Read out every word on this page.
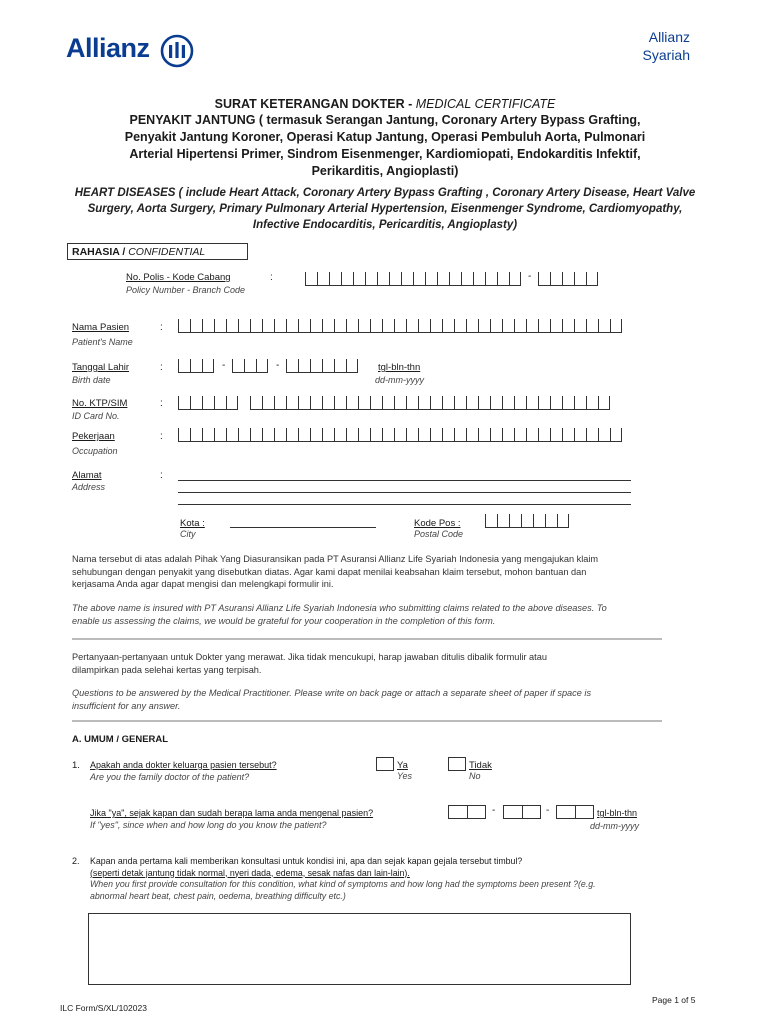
Allianz	Allianz
Syariah
SURAT KETERANGAN DOKTER - MEDICAL CERTIFICATE
PENYAKIT JANTUNG ( termasuk Serangan Jantung, Coronary Artery Bypass Grafting,
Penyakit Jantung Koroner, Operasi Katup Jantung, Operasi Pembuluh Aorta, Pulmonari
Arterial Hipertensi Primer, Sindrom Eisenmenger, Kardiomiopati, Endokarditis Infektif,
Perikarditis, Angioplasti)
HEART DISEASES ( include Heart Attack, Coronary Artery Bypass Grafting , Coronary Artery Disease, Heart Valve
Surgery, Aorta Surgery, Primary Pulmonary Arterial Hypertension, Eisenmenger Syndrome, Cardiomyopathy,
Infective Endocarditis, Pericarditis, Angioplasty)
RAHASIA / CONFIDENTIAL
No. Polis - Kode Cabang
Policy Number - Branch Code
:	-
Nama Pasien
Patient's Name
:
Tanggal Lahir
Birth date
:	-	-	tgl-bln-thn
dd-mm-yyyy
No. KTP/SIM
ID Card No.
:
Pekerjaan
Occupation
:
Alamat
Address
:
Kota :
City
Kode Pos :
Postal Code
Nama tersebut di atas adalah Pihak Yang Diasuransikan pada PT Asuransi Allianz Life Syariah Indonesia yang mengajukan klaim
sehubungan dengan penyakit yang disebutkan diatas. Agar kami dapat menilai keabsahan klaim tersebut, mohon bantuan dan
kerjasama Anda agar dapat mengisi dan melengkapi formulir ini.
The above name is insured with PT Asuransi Allianz Life Syariah Indonesia who submitting claims related to the above diseases. To
enable us assessing the claims, we would be grateful for your cooperation in the completion of this form.
Pertanyaan-pertanyaan untuk Dokter yang merawat. Jika tidak mencukupi, harap jawaban ditulis dibalik formulir atau
dilampirkan pada selehai kertas yang terpisah.
Questions to be answered by the Medical Practitioner. Please write on back page or attach a separate sheet of paper if space is
insufficient for any answer.
A. UMUM / GENERAL
1. Apakah anda dokter keluarga pasien tersebut?
Are you the family doctor of the patient?
Ya
Yes
Tidak
No
Jika "ya", sejak kapan dan sudah berapa lama anda mengenal pasien?
If "yes", since when and how long do you know the patient?
-	-	tgl-bln-thn
dd-mm-yyyy
2. Kapan anda pertama kali memberikan konsultasi untuk kondisi ini, apa dan sejak kapan gejala tersebut timbul?
(seperti detak jantung tidak normal, nyeri dada, edema, sesak nafas dan lain-lain).
When you first provide consultation for this condition, what kind of symptoms and how long had the symptoms been present ?(e.g.
abnormal heart beat, chest pain, oedema, breathing difficulty etc.)
ILC Form/S/XL/102023
Page 1 of 5
